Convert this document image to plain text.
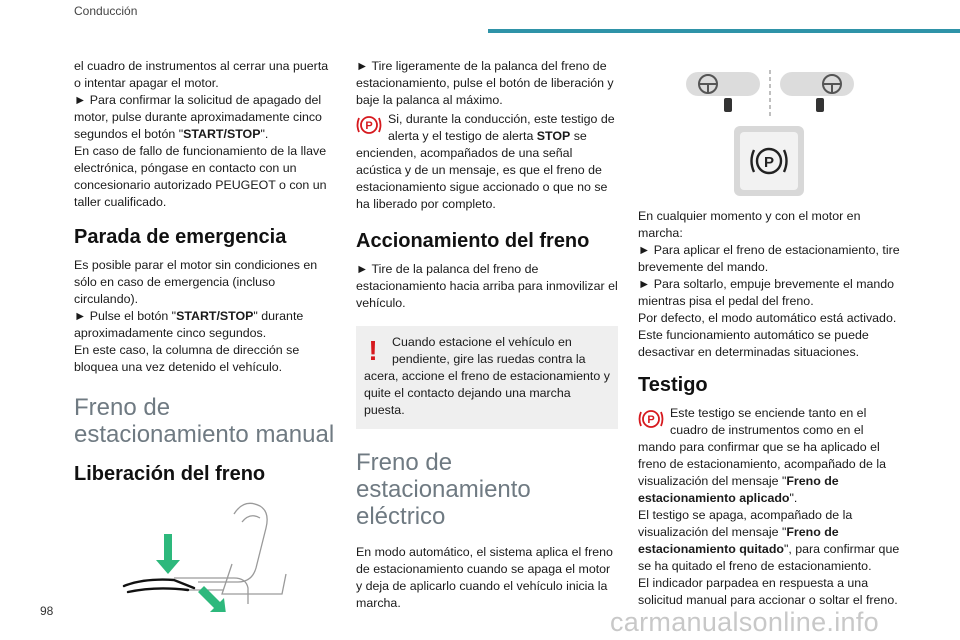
Conducción

el cuadro de instrumentos al cerrar una puerta o intentar apagar el motor.

► Para confirmar la solicitud de apagado del motor, pulse durante aproximadamente cinco segundos el botón "START/STOP".

En caso de fallo de funcionamiento de la llave electrónica, póngase en contacto con un concesionario autorizado PEUGEOT o con un taller cualificado.

Parada de emergencia

Es posible parar el motor sin condiciones en sólo en caso de emergencia (incluso circulando).

► Pulse el botón "START/STOP" durante aproximadamente cinco segundos.

En este caso, la columna de dirección se bloquea una vez detenido el vehículo.

Freno de estacionamiento manual
Liberación del freno

► Tire ligeramente de la palanca del freno de estacionamiento, pulse el botón de liberación y baje la palanca al máximo.

P Si, durante la conducción, este testigo de alerta y el testigo de alerta STOP se encienden, acompañados de una señal acústica y de un mensaje, es que el freno de estacionamiento sigue accionado o que no se ha liberado por completo.

Accionamiento del freno

► Tire de la palanca del freno de estacionamiento hacia arriba para inmovilizar el vehículo.

!	Cuando estacione el vehículo en pendiente, gire las ruedas contra la acera, accione el freno de estacionamiento y quite el contacto dejando una marcha puesta.

Freno de estacionamiento eléctrico

En modo automático, el sistema aplica el freno de estacionamiento cuando se apaga el motor y deja de aplicarlo cuando el vehículo inicia la marcha.

P

En cualquier momento y con el motor en marcha:

► Para aplicar el freno de estacionamiento, tire brevemente del mando.

► Para soltarlo, empuje brevemente el mando mientras pisa el pedal del freno.

Por defecto, el modo automático está activado.

Este funcionamiento automático se puede desactivar en determinadas situaciones.

Testigo

P Este testigo se enciende tanto en el cuadro de instrumentos como en el mando para confirmar que se ha aplicado el freno de estacionamiento, acompañado de la visualización del mensaje "Freno de estacionamiento aplicado".

El testigo se apaga, acompañado de la visualización del mensaje "Freno de estacionamiento quitado", para confirmar que se ha quitado el freno de estacionamiento.

El indicador parpadea en respuesta a una solicitud manual para accionar o soltar el freno.

98	carmanualsonline.info
